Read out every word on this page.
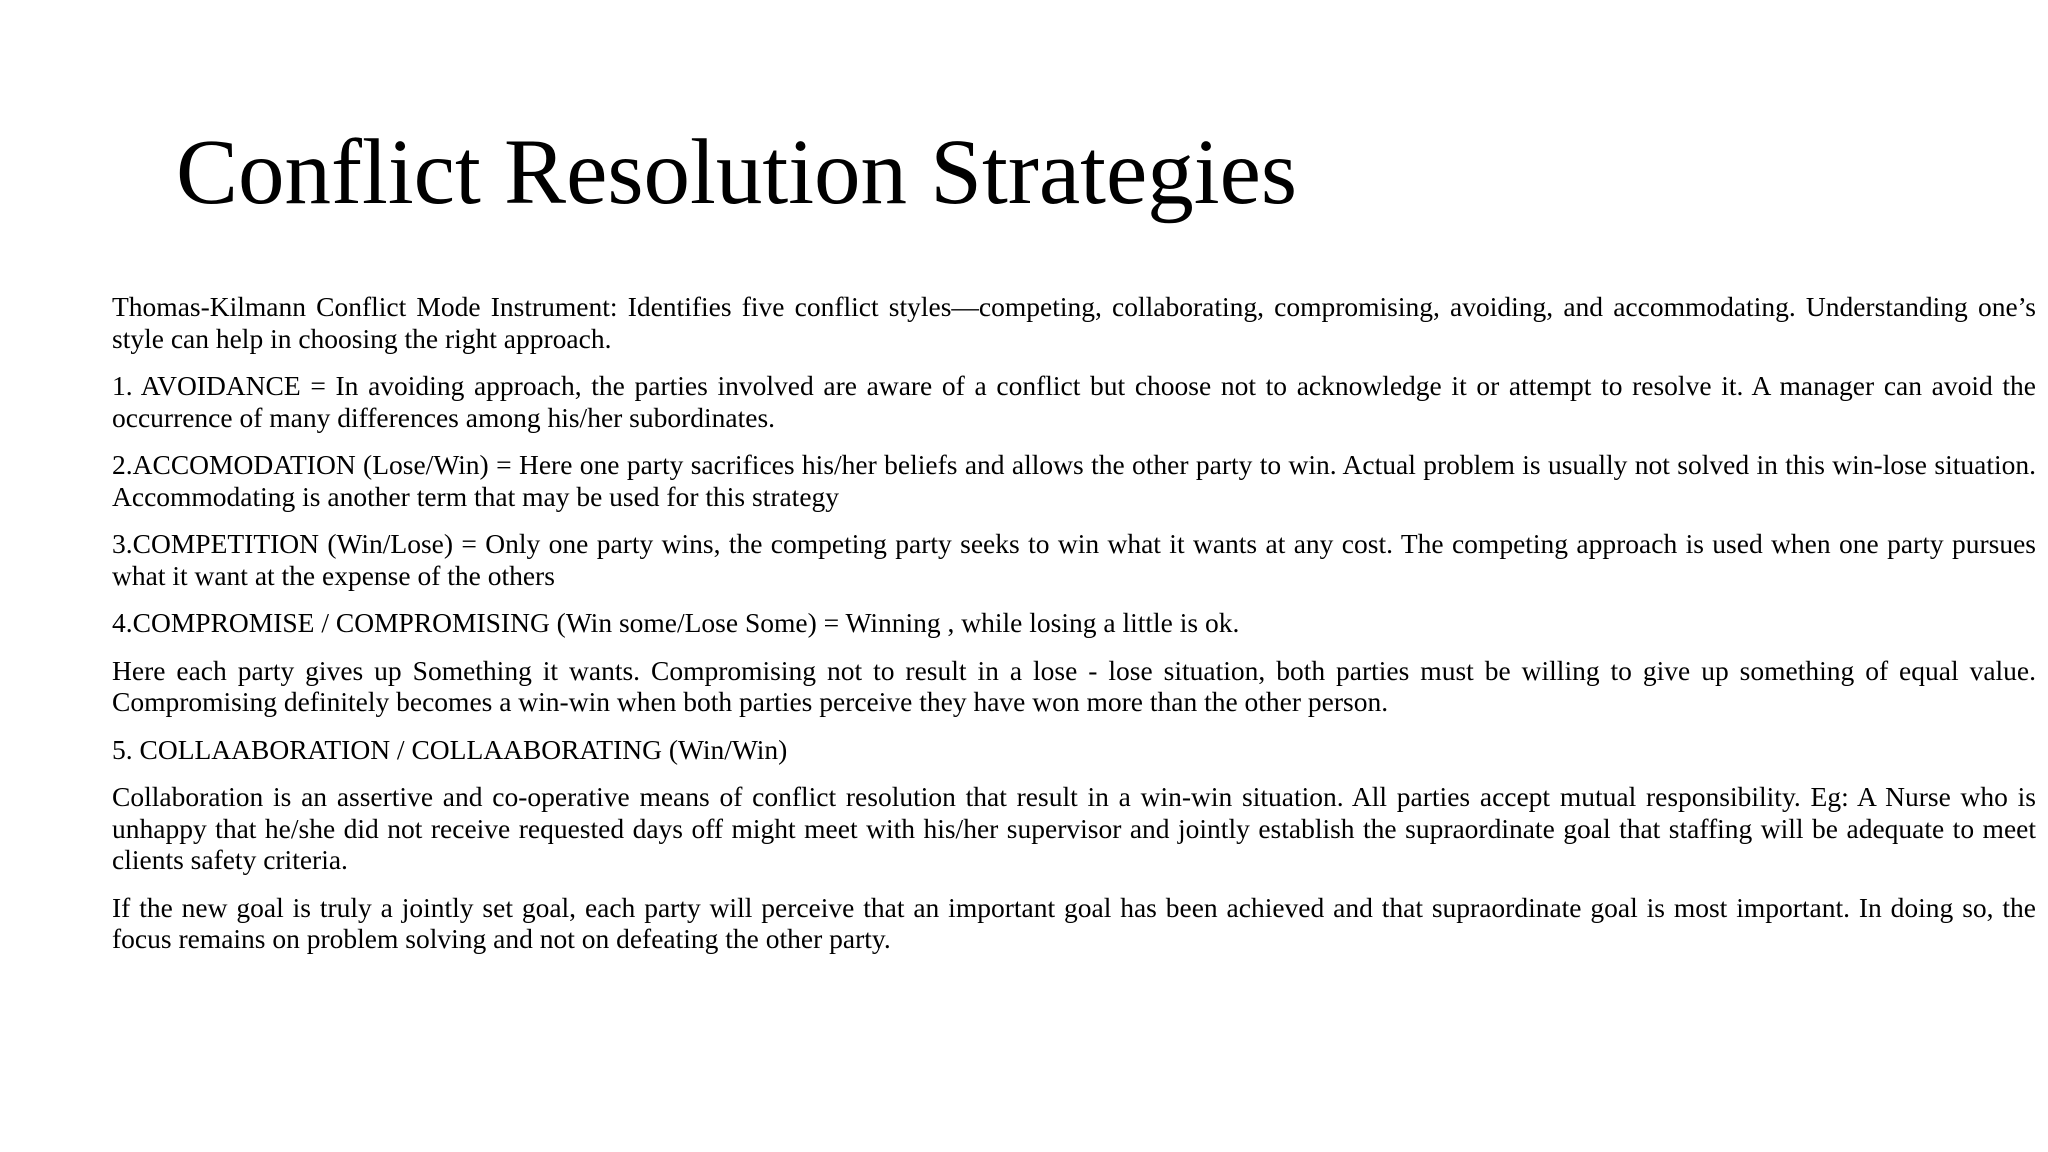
Conflict Resolution Strategies

Thomas-Kilmann Conflict Mode Instrument: Identifies five conflict styles—competing, collaborating, compromising, avoiding, and accommodating. Understanding one’s style can help in choosing the right approach.

1. AVOIDANCE = In avoiding approach, the parties involved are aware of a conflict but choose not to acknowledge it or attempt to resolve it. A manager can avoid the occurrence of many differences among his/her subordinates.

2.ACCOMODATION (Lose/Win) = Here one party sacrifices his/her beliefs and allows the other party to win. Actual problem is usually not solved in this win-lose situation. Accommodating is another term that may be used for this strategy

3.COMPETITION (Win/Lose) = Only one party wins, the competing party seeks to win what it wants at any cost. The competing approach is used when one party pursues what it want at the expense of the others

4.COMPROMISE / COMPROMISING (Win some/Lose Some) = Winning , while losing a little is ok.

Here each party gives up Something it wants. Compromising not to result in a lose - lose situation, both parties must be willing to give up something of equal value. Compromising definitely becomes a win-win when both parties perceive they have won more than the other person.

5. COLLAABORATION / COLLAABORATING (Win/Win)

Collaboration is an assertive and co-operative means of conflict resolution that result in a win-win situation. All parties accept mutual responsibility. Eg: A Nurse who is unhappy that he/she did not receive requested days off might meet with his/her supervisor and jointly establish the supraordinate goal that staffing will be adequate to meet clients safety criteria.

If the new goal is truly a jointly set goal, each party will perceive that an important goal has been achieved and that supraordinate goal is most important. In doing so, the focus remains on problem solving and not on defeating the other party.
